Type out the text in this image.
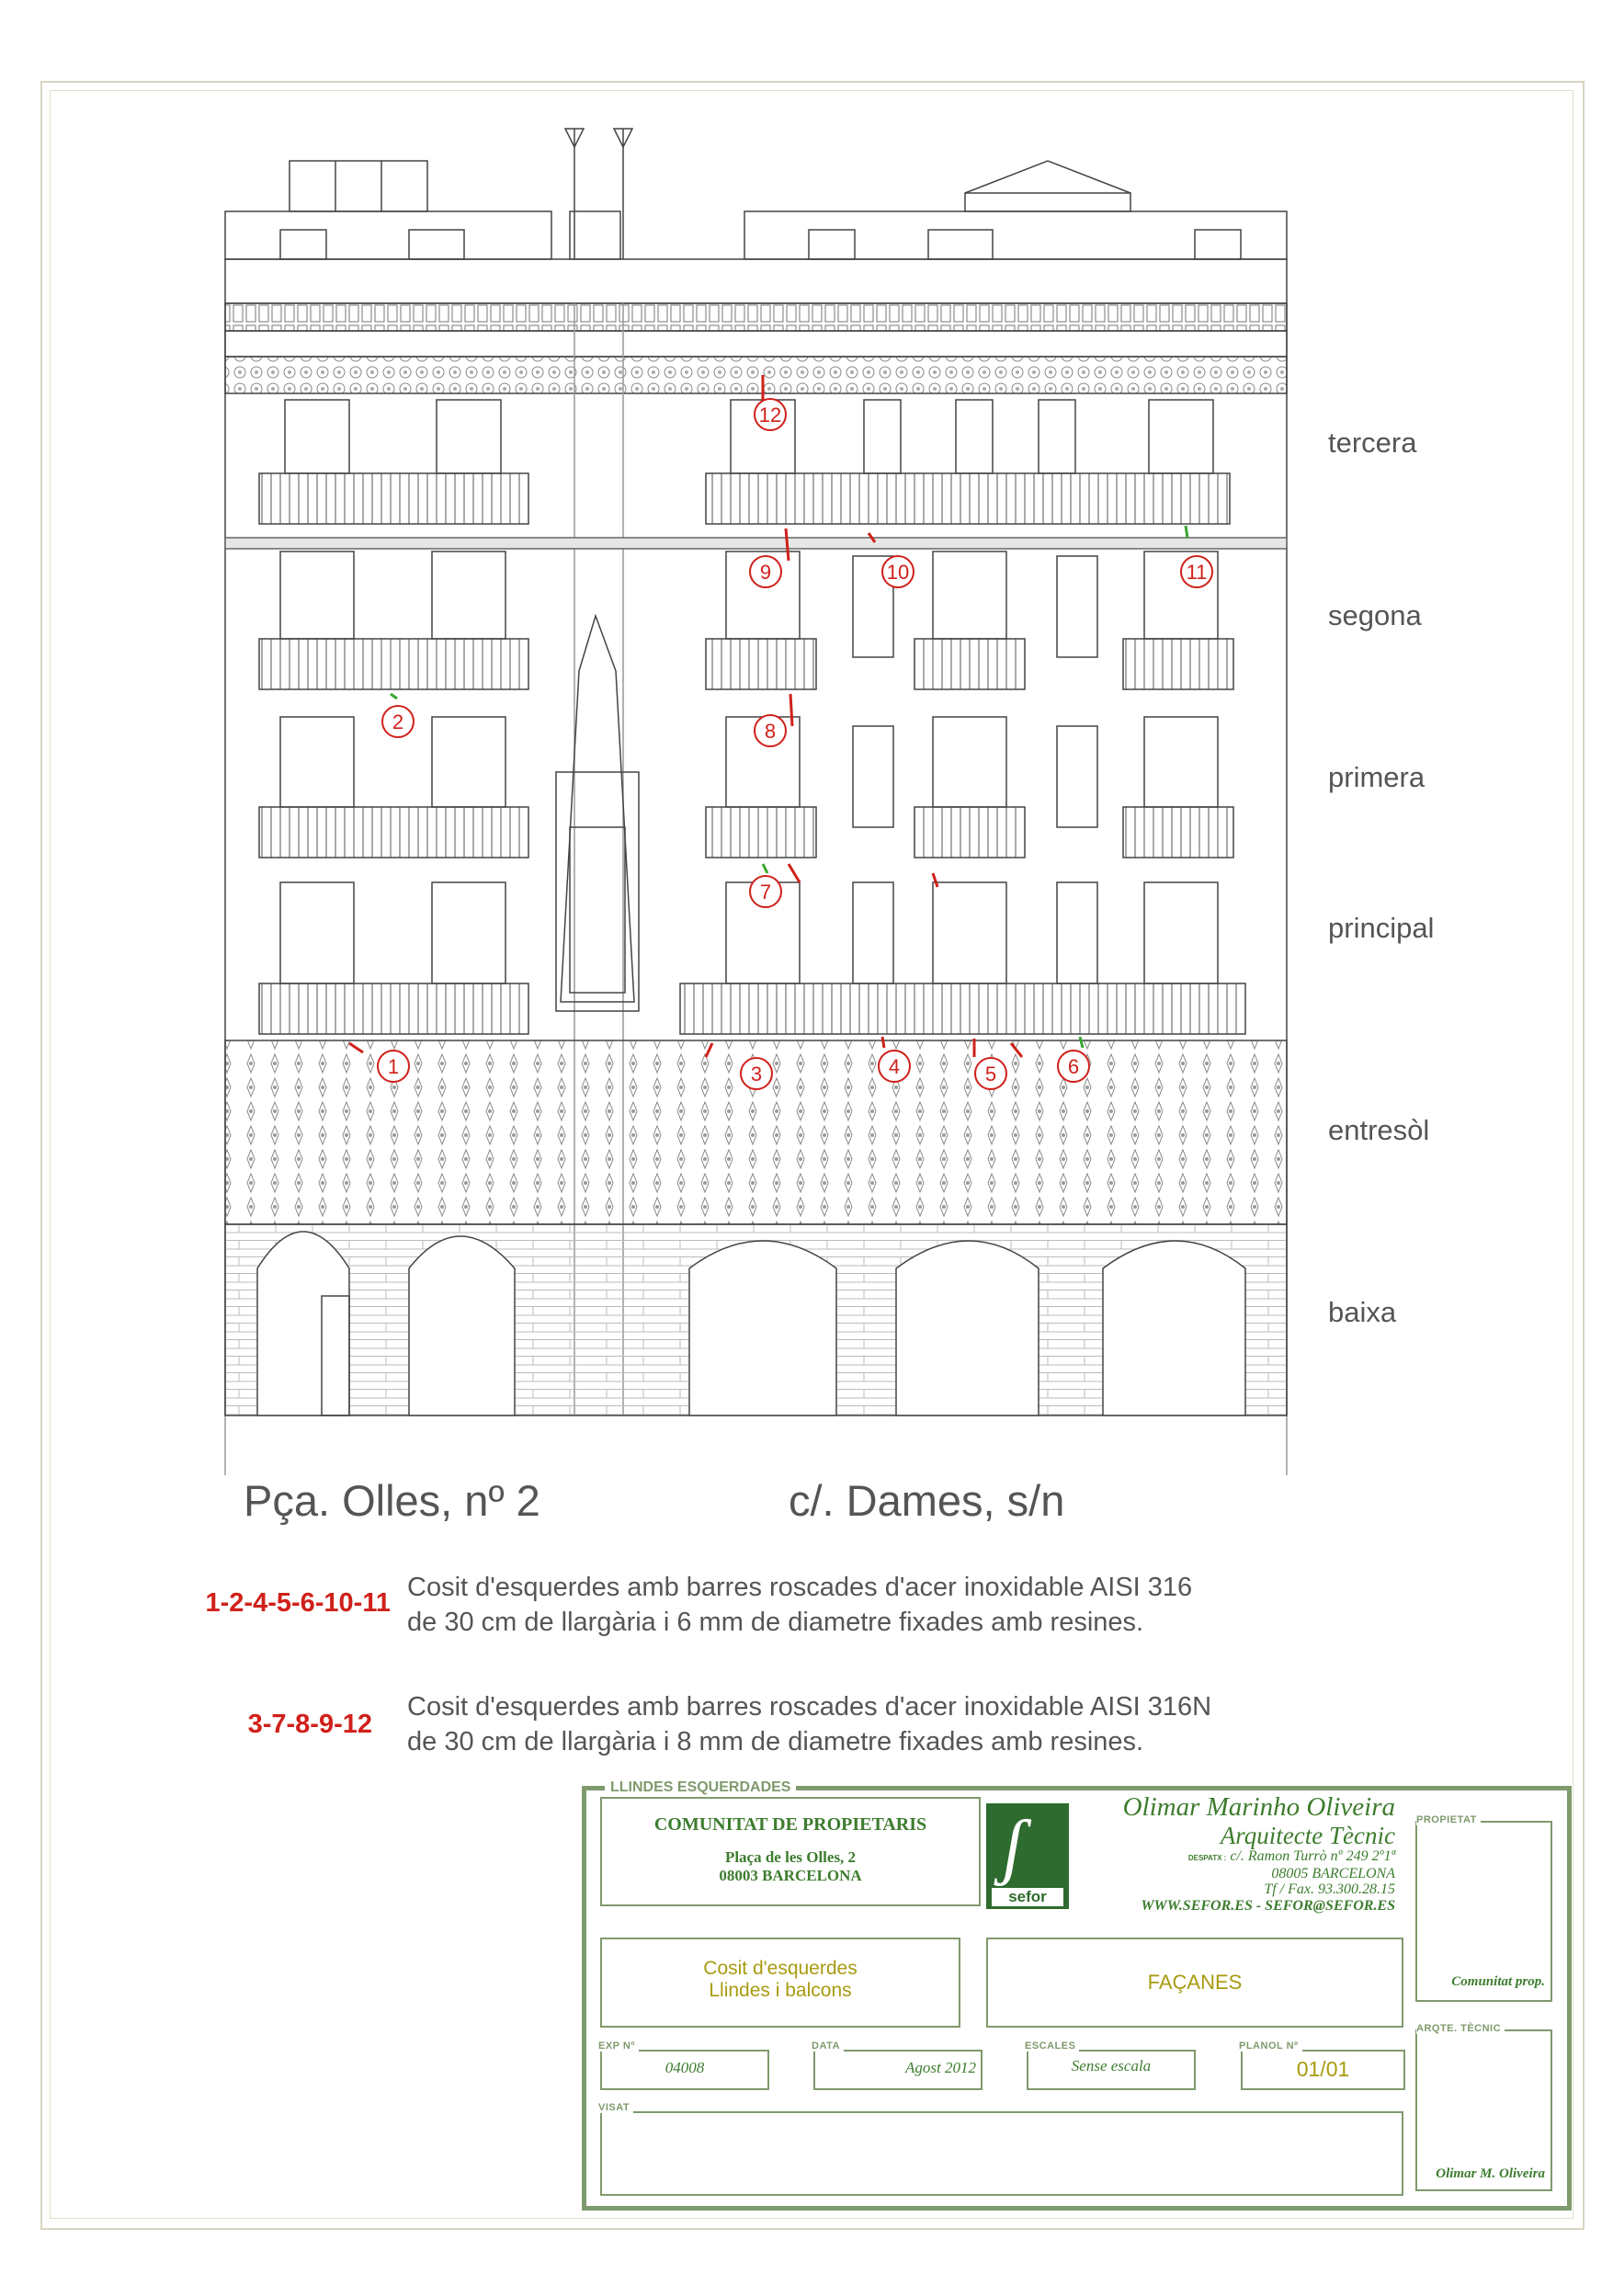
1
2
3	4	5	6
7
8
9	10	11
12
tercera
segona
primera
principal
entresòl
baixa
Pça. Olles, nº 2	c/. Dames, s/n
1-2-4-5-6-10-11
Cosit d'esquerdes amb barres roscades d'acer inoxidable AISI 316
de 30 cm de llargària i 6 mm de diametre fixades amb resines.
3-7-8-9-12
Cosit d'esquerdes amb barres roscades d'acer inoxidable AISI 316N
de 30 cm de llargària i 8 mm de diametre fixades amb resines.
LLINDES ESQUERDADES
COMUNITAT DE PROPIETARIS
Plaça de les Olles, 2
08003 BARCELONA	ʃ
sefor
Olimar Marinho Oliveira
Arquitecte Tècnic
DESPATX : c/. Ramon Turrò nº 249 2º1ª
08005 BARCELONA
Tf / Fax. 93.300.28.15
WWW.SEFOR.ES - SEFOR@SEFOR.ES
PROPIETAT
Comunitat prop.
ARQTE. TÈCNIC
Olimar M. Oliveira
Cosit d'esquerdes
Llindes i balcons	FAÇANES
EXP Nº
04008
DATA
Agost 2012
ESCALES
Sense escala
PLANOL Nº
01/01
VISAT
